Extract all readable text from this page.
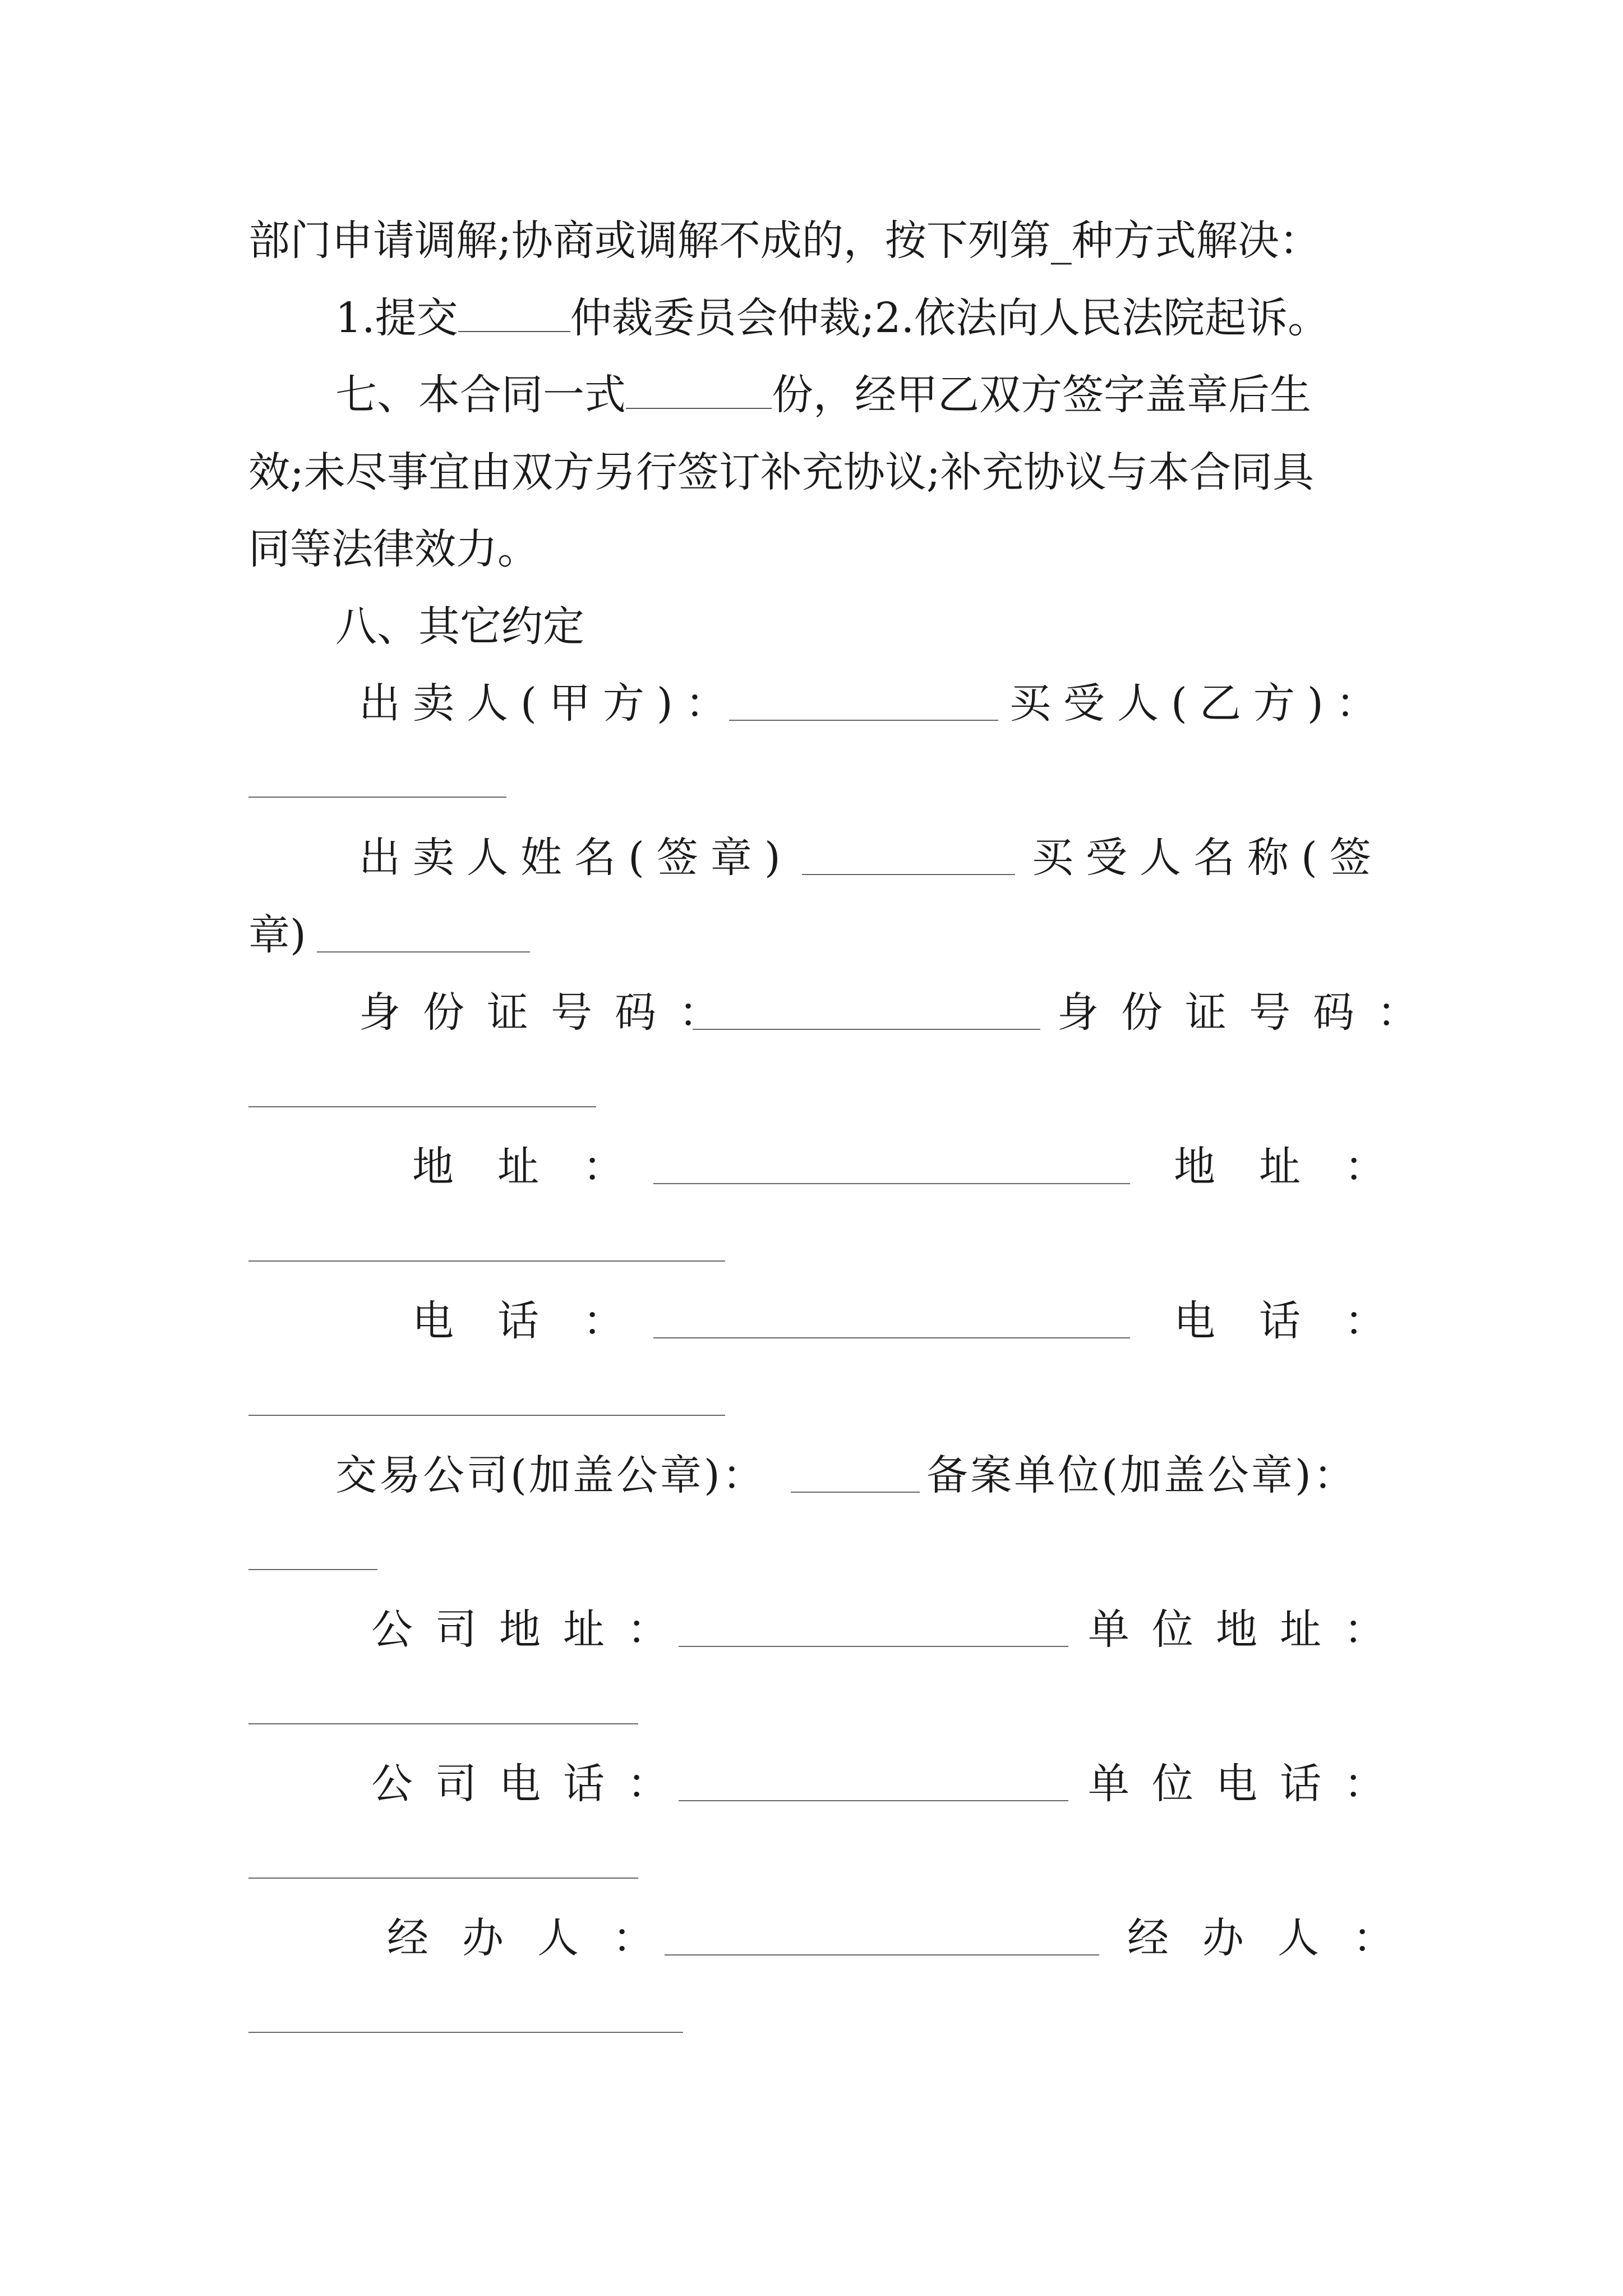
部门申请调解;协商或调解不成的，按下列第_种方式解决：
1.提交	仲裁委员会仲裁;2.依法向人民法院起诉。
七、本合同一式	份，经甲乙双方签字盖章后生
效;未尽事宜由双方另行签订补充协议;补充协议与本合同具
同等法律效力。
八、其它约定
出卖人(甲方)：	买受人(乙方)：
出卖人姓名(签章)	买受人名称(签
章)
身份证号码：	身份证号码：
地址：	地址：
电话：	电话：
交易公司(加盖公章)：	备案单位(加盖公章)：
公司地址：	单位地址：
公司电话：	单位电话：
经办人：	经办人：
